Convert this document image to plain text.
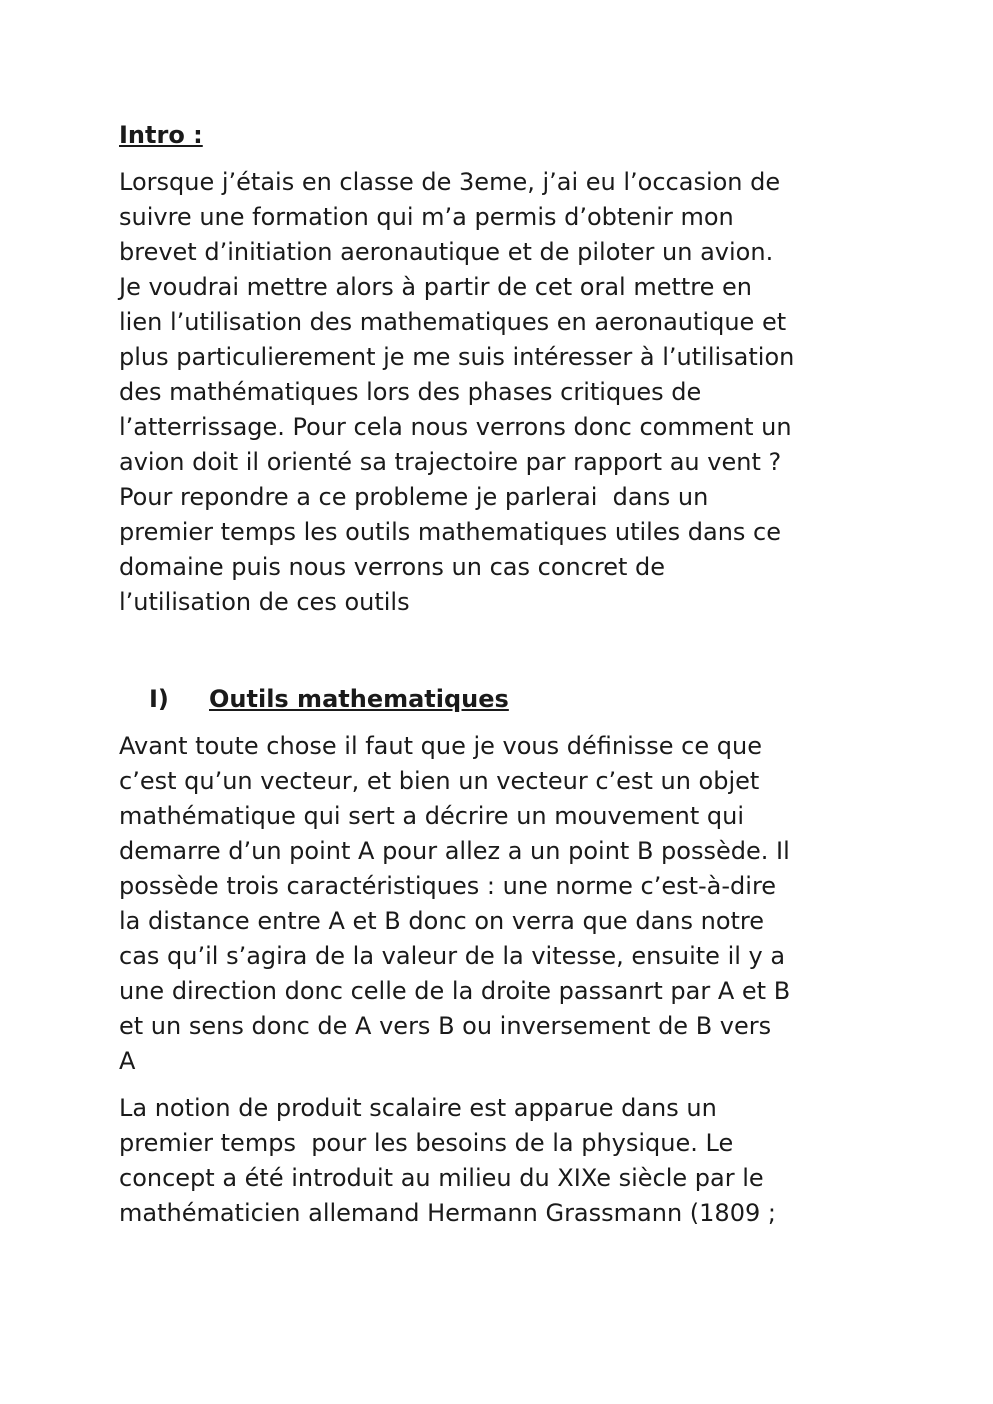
Intro :

Lorsque j’étais en classe de 3eme, j’ai eu l’occasion de
suivre une formation qui m’a permis d’obtenir mon
brevet d’initiation aeronautique et de piloter un avion.
Je voudrai mettre alors à partir de cet oral mettre en
lien l’utilisation des mathematiques en aeronautique et
plus particulierement je me suis intéresser à l’utilisation
des mathématiques lors des phases critiques de
l’atterrissage. Pour cela nous verrons donc comment un
avion doit il orienté sa trajectoire par rapport au vent ?
Pour repondre a ce probleme je parlerai  dans un
premier temps les outils mathematiques utiles dans ce
domaine puis nous verrons un cas concret de
l’utilisation de ces outils

I)	Outils mathematiques

Avant toute chose il faut que je vous définisse ce que
c’est qu’un vecteur, et bien un vecteur c’est un objet
mathématique qui sert a décrire un mouvement qui
demarre d’un point A pour allez a un point B possède. Il
possède trois caractéristiques : une norme c’est-à-dire
la distance entre A et B donc on verra que dans notre
cas qu’il s’agira de la valeur de la vitesse, ensuite il y a
une direction donc celle de la droite passanrt par A et B
et un sens donc de A vers B ou inversement de B vers
A

La notion de produit scalaire est apparue dans un
premier temps  pour les besoins de la physique. Le
concept a été introduit au milieu du XIXe siècle par le
mathématicien allemand Hermann Grassmann (1809 ;
